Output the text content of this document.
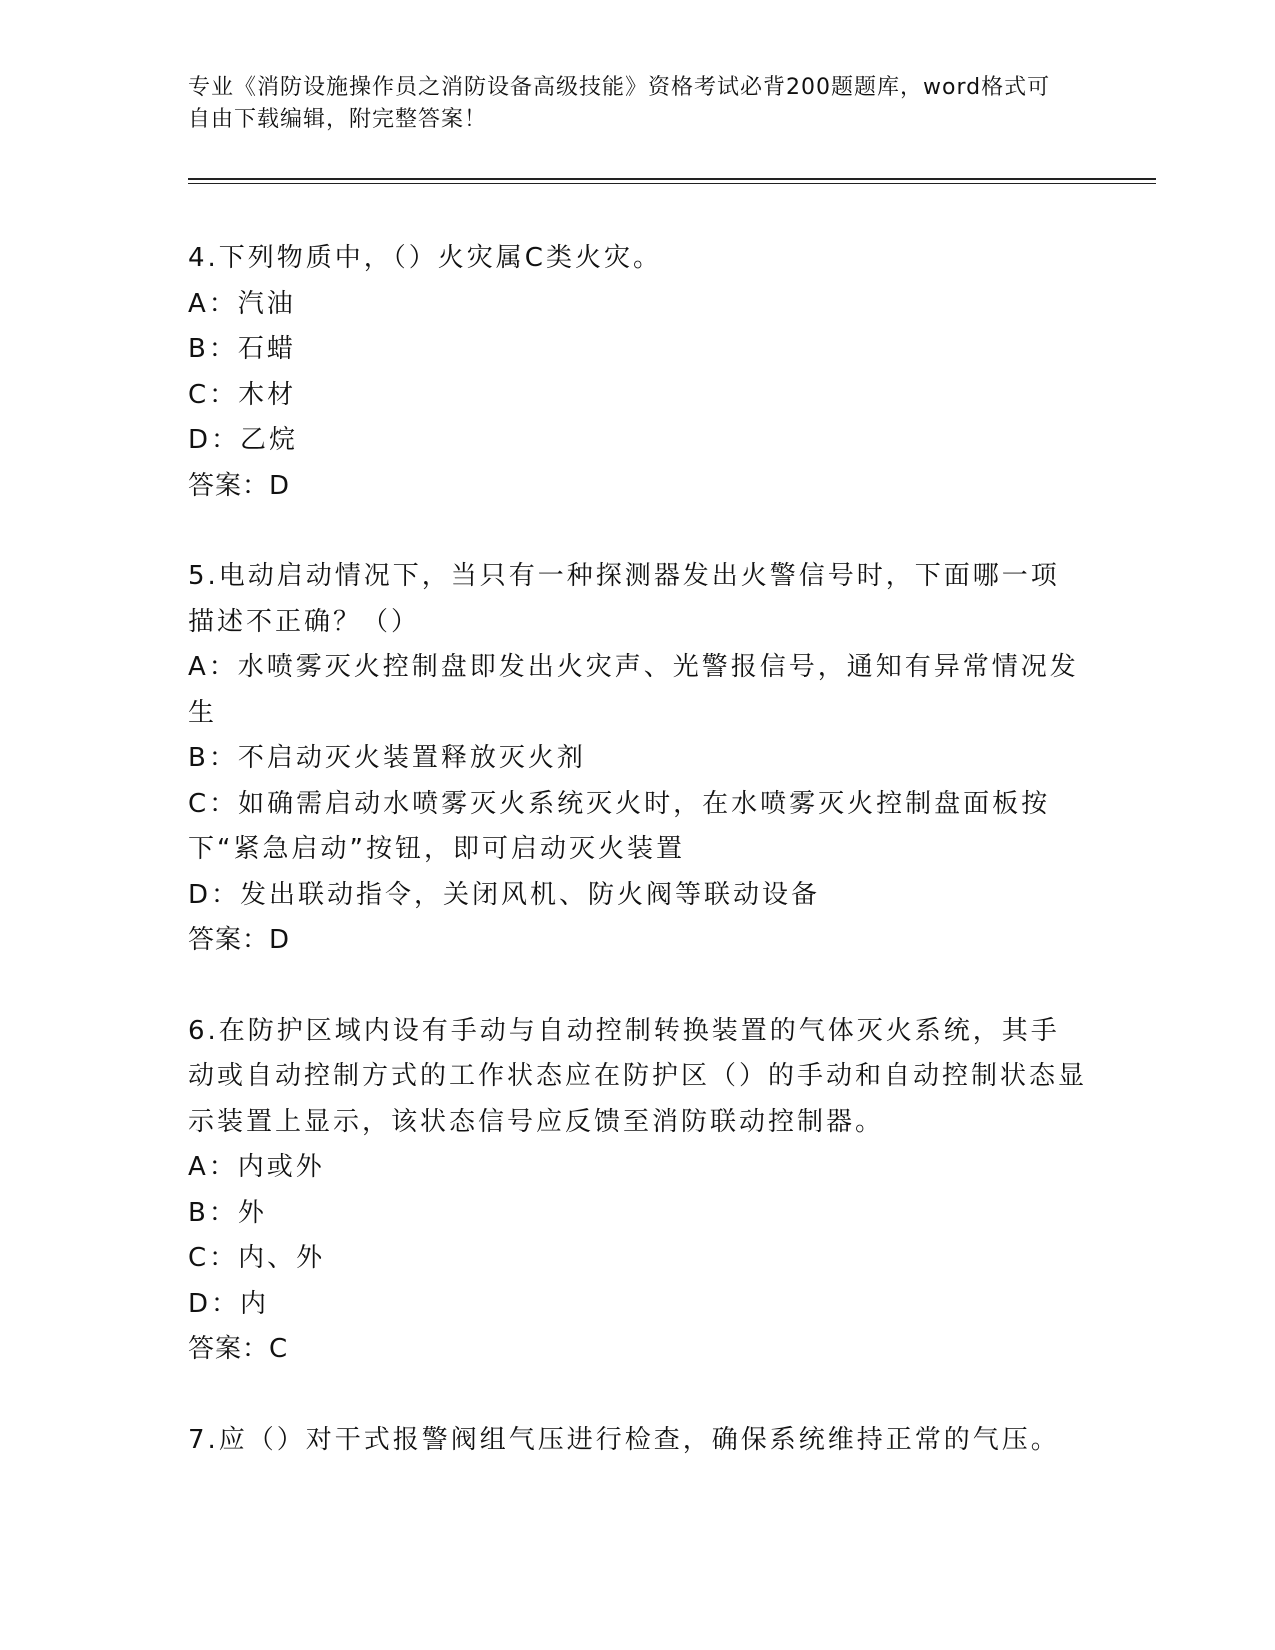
专业《消防设施操作员之消防设备高级技能》资格考试必背200题题库，word格式可自由下载编辑，附完整答案！

4.下列物质中，（）火灾属C类火灾。

A：汽油

B：石蜡

C：木材

D：乙烷

答案：D

5.电动启动情况下，当只有一种探测器发出火警信号时，下面哪一项描述不正确？（）

A：水喷雾灭火控制盘即发出火灾声、光警报信号，通知有异常情况发生

B：不启动灭火装置释放灭火剂

C：如确需启动水喷雾灭火系统灭火时，在水喷雾灭火控制盘面板按下“紧急启动”按钮，即可启动灭火装置

D：发出联动指令，关闭风机、防火阀等联动设备

答案：D

6.在防护区域内设有手动与自动控制转换装置的气体灭火系统，其手动或自动控制方式的工作状态应在防护区（）的手动和自动控制状态显示装置上显示，该状态信号应反馈至消防联动控制器。

A：内或外

B：外

C：内、外

D：内

答案：C

7.应（）对干式报警阀组气压进行检查，确保系统维持正常的气压。
